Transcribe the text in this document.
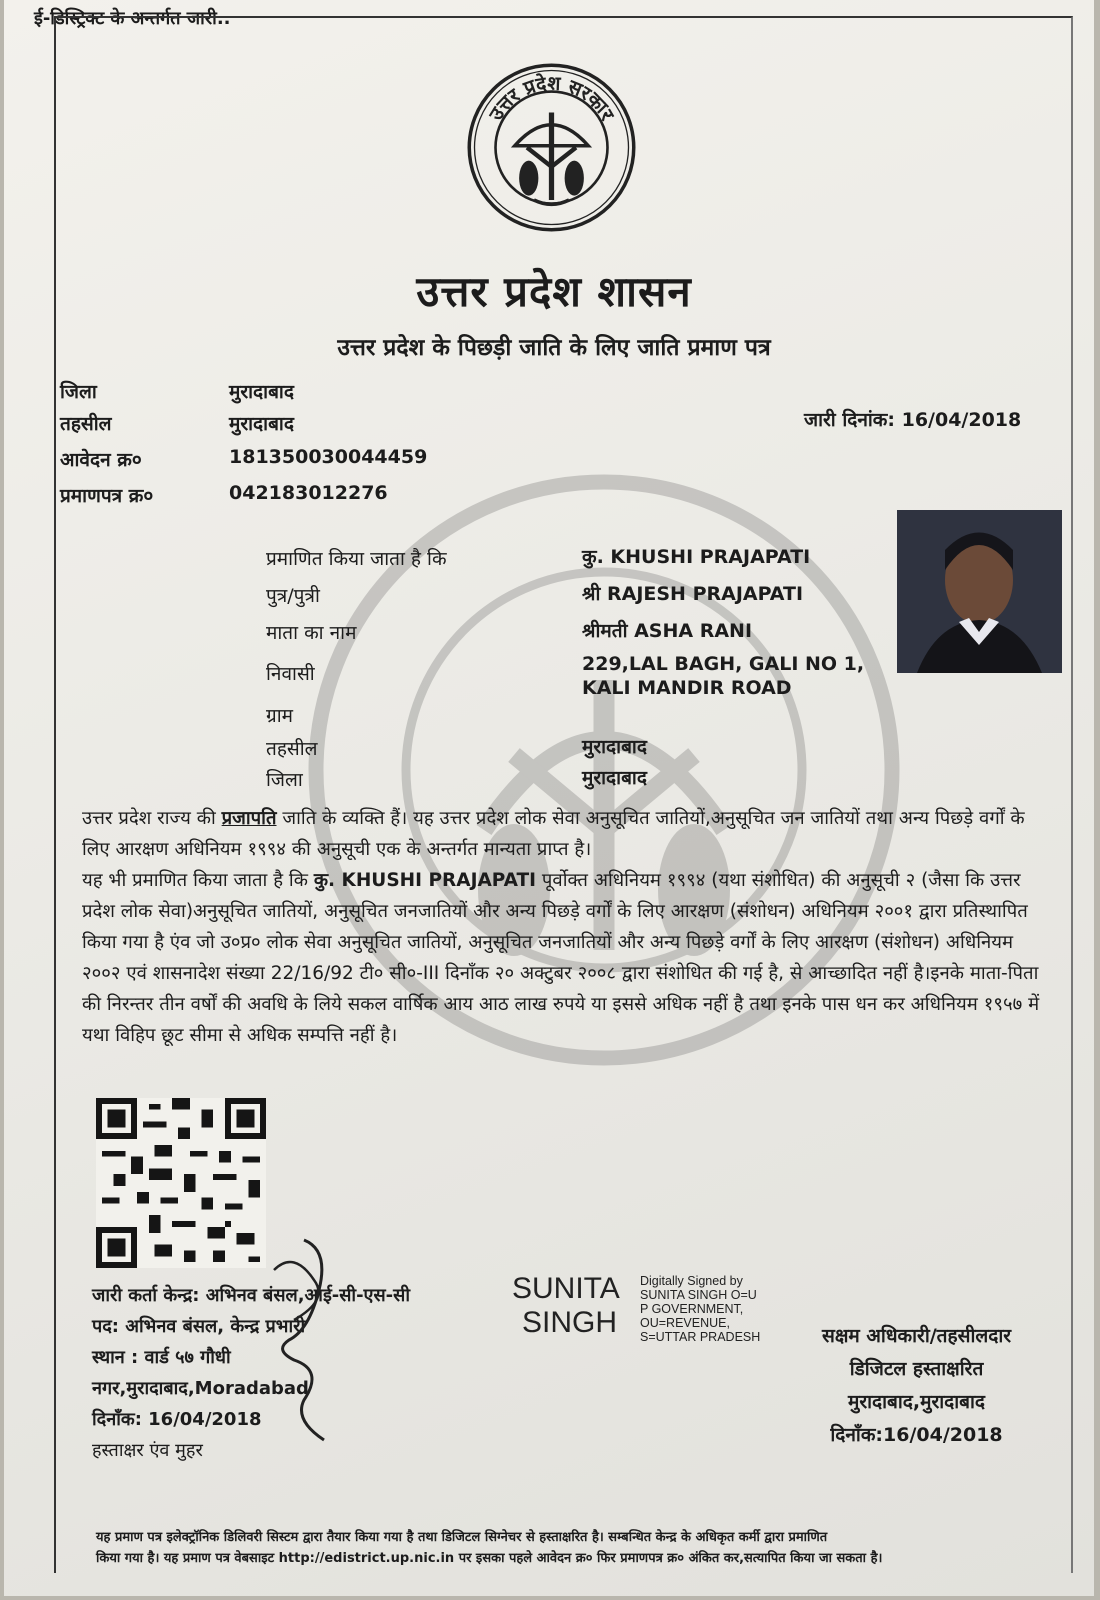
ई-डिस्ट्रिक्ट के अन्तर्गत जारी..
उत्तर प्रदेश सरकार
उत्तर प्रदेश शासन
उत्तर प्रदेश के पिछड़ी जाति के लिए जाति प्रमाण पत्र
जिला	मुरादाबाद
तहसील	मुरादाबाद
आवेदन क्र०	181350030044459
प्रमाणपत्र क्र०	042183012276
जारी दिनांक: 16/04/2018
प्रमाणित किया जाता है कि	कु. KHUSHI PRAJAPATI
पुत्र/पुत्री	श्री RAJESH PRAJAPATI
माता का नाम	श्रीमती ASHA RANI
निवासी	229,LAL BAGH, GALI NO 1,
KALI MANDIR ROAD
ग्राम
तहसील	मुरादाबाद
जिला	मुरादाबाद
उत्तर प्रदेश राज्य की प्रजापति जाति के व्यक्ति हैं। यह उत्तर प्रदेश लोक सेवा अनुसूचित जातियों,अनुसूचित जन जातियों तथा अन्य पिछड़े वर्गों के लिए आरक्षण अधिनियम १९९४ की अनुसूची एक के अन्तर्गत मान्यता प्राप्त है।
यह भी प्रमाणित किया जाता है कि कु. KHUSHI PRAJAPATI पूर्वोक्त अधिनियम १९९४ (यथा संशोधित) की अनुसूची २ (जैसा कि उत्तर प्रदेश लोक सेवा)अनुसूचित जातियों, अनुसूचित जनजातियों और अन्य पिछड़े वर्गों के लिए आरक्षण (संशोधन) अधिनियम २००१ द्वारा प्रतिस्थापित किया गया है एंव जो उ०प्र० लोक सेवा अनुसूचित जातियों, अनुसूचित जनजातियों और अन्य पिछड़े वर्गों के लिए आरक्षण (संशोधन) अधिनियम २००२ एवं शासनादेश संख्या 22/16/92 टी० सी०-III दिनाँक २० अक्टुबर २००८ द्वारा संशोधित की गई है, से आच्छादित नहीं है।इनके माता-पिता की निरन्तर तीन वर्षों की अवधि के लिये सकल वार्षिक आय आठ लाख रुपये या इससे अधिक नहीं है तथा इनके पास धन कर अधिनियम १९५७ में यथा विहिप छूट सीमा से अधिक सम्पत्ति नहीं है।
जारी कर्ता केन्द्र: अभिनव बंसल,आई-सी-एस-सी
पद: अभिनव बंसल, केन्द्र प्रभारी
स्थान : वार्ड ५७ गौधी
नगर,मुरादाबाद,Moradabad
दिनाँक: 16/04/2018
हस्ताक्षर एंव मुहर
SUNITA
SINGH
Digitally Signed by
SUNITA SINGH O=U
P GOVERNMENT,
OU=REVENUE,
S=UTTAR PRADESH	सक्षम अधिकारी/तहसीलदार
डिजिटल हस्ताक्षरित
मुरादाबाद,मुरादाबाद
दिनाँक:16/04/2018
यह प्रमाण पत्र इलेक्ट्रॉनिक डिलिवरी सिस्टम द्वारा तैयार किया गया है तथा डिजिटल सिग्नेचर से हस्ताक्षरित है। सम्बन्धित केन्द्र के अधिकृत कर्मी द्वारा प्रमाणित
किया गया है। यह प्रमाण पत्र वेबसाइट http://edistrict.up.nic.in पर इसका पहले आवेदन क्र० फिर प्रमाणपत्र क्र० अंकित कर,सत्यापित किया जा सकता है।
